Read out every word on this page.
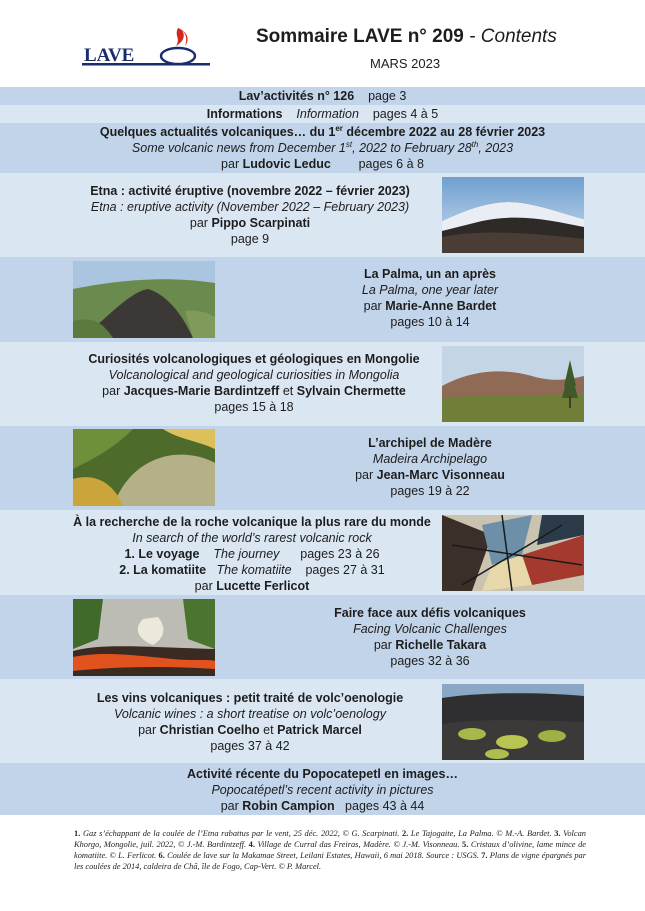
LAVE
Sommaire LAVE n° 209 - Contents
MARS 2023
Lav’activités n° 126 page 3
Informations Information pages 4 à 5
Quelques actualités volcaniques… du 1er décembre 2022 au 28 février 2023
Some volcanic news from December 1st, 2022 to February 28th, 2023
par Ludovic Leduc pages 6 à 8
Etna : activité éruptive (novembre 2022 – février 2023)
Etna : eruptive activity (November 2022 – February 2023)
par Pippo Scarpinati
page 9
La Palma, un an après
La Palma, one year later
par Marie-Anne Bardet
pages 10 à 14
Curiosités volcanologiques et géologiques en Mongolie
Volcanological and geological curiosities in Mongolia
par Jacques-Marie Bardintzeff et Sylvain Chermette
pages 15 à 18
L’archipel de Madère
Madeira Archipelago
par Jean-Marc Visonneau
pages 19 à 22
À la recherche de la roche volcanique la plus rare du monde
In search of the world’s rarest volcanic rock
1. Le voyage The journey pages 23 à 26
2. La komatiite The komatiite pages 27 à 31
par Lucette Ferlicot
Faire face aux défis volcaniques
Facing Volcanic Challenges
par Richelle Takara
pages 32 à 36
Les vins volcaniques : petit traité de volc’oenologie
Volcanic wines : a short treatise on volc’oenology
par Christian Coelho et Patrick Marcel
pages 37 à 42
Activité récente du Popocatepetl en images…
Popocatépetl’s recent activity in pictures
par Robin Campion pages 43 à 44
1. Gaz s’échappant de la coulée de l’Etna rabattus par le vent, 25 déc. 2022, © G. Scarpinati. 2. Le Tajogaite, La Palma. © M.-A. Bardet. 3. Volcan Khorgo, Mongolie, juil. 2022, © J.-M. Bardintzeff. 4. Village de Curral das Freiras, Madère. © J.-M. Visonneau. 5. Cristaux d’olivine, lame mince de komatiite. © L. Ferlicot. 6. Coulée de lave sur la Makamae Street, Leilani Estates, Hawaii, 6 mai 2018. Source : USGS. 7. Plans de vigne épargnés par les coulées de 2014, caldeira de Chã, île de Fogo, Cap-Vert. © P. Marcel.
